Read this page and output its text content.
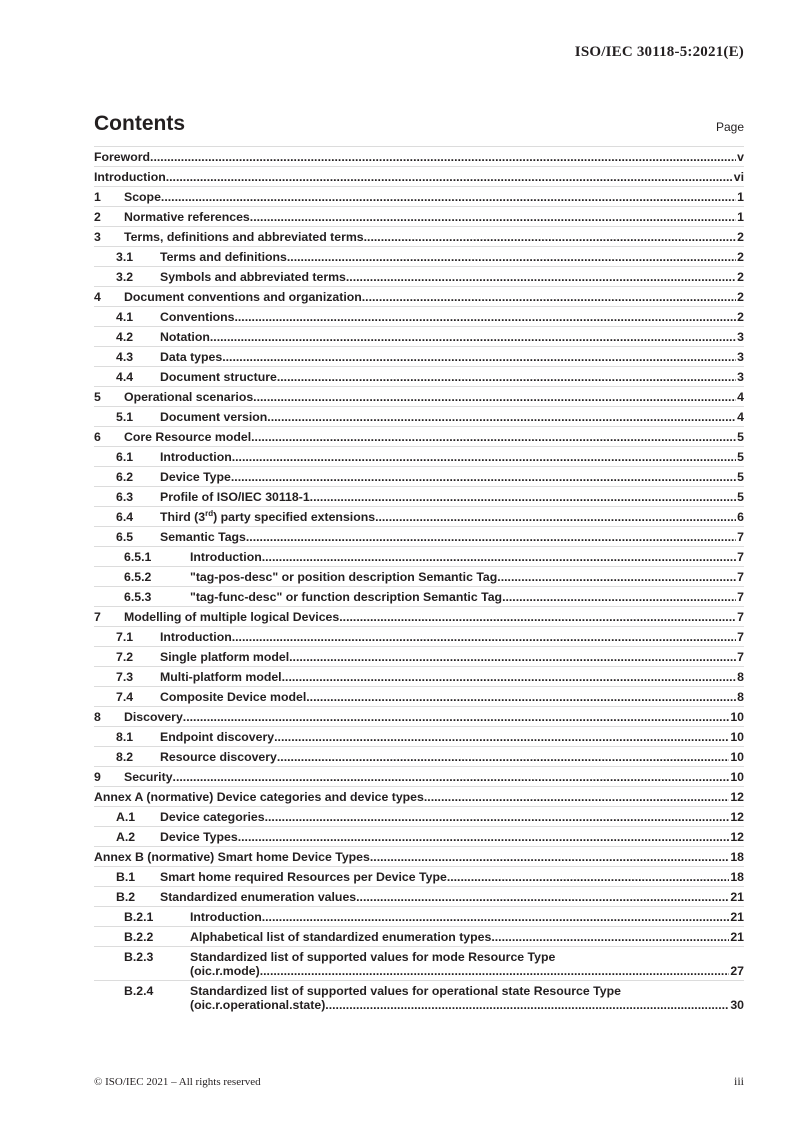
ISO/IEC 30118-5:2021(E)
Contents	Page
Foreword .....	v
Introduction .....	vi
1 Scope .....	1
2 Normative references .....	1
3 Terms, definitions and abbreviated terms .....	2
3.1 Terms and definitions .....	2
3.2 Symbols and abbreviated terms .....	2
4 Document conventions and organization .....	2
4.1 Conventions .....	2
4.2 Notation .....	3
4.3 Data types .....	3
4.4 Document structure .....	3
5 Operational scenarios .....	4
5.1 Document version .....	4
6 Core Resource model .....	5
6.1 Introduction .....	5
6.2 Device Type .....	5
6.3 Profile of ISO/IEC 30118-1 .....	5
6.4 Third (3rd) party specified extensions .....	6
6.5 Semantic Tags .....	7
6.5.1	Introduction .....	7
6.5.2	"tag-pos-desc" or position description Semantic Tag .....	7
6.5.3	"tag-func-desc" or function description Semantic Tag .....	7
7 Modelling of multiple logical Devices .....	7
7.1 Introduction .....	7
7.2 Single platform model .....	7
7.3 Multi-platform model .....	8
7.4 Composite Device model .....	8
8 Discovery .....	10
8.1 Endpoint discovery .....	10
8.2 Resource discovery .....	10
9 Security .....	10
Annex A (normative) Device categories and device types .....	12
A.1 Device categories .....	12
A.2 Device Types .....	12
Annex B (normative) Smart home Device Types .....	18
B.1 Smart home required Resources per Device Type .....	18
B.2 Standardized enumeration values .....	21
B.2.1	Introduction .....	21
B.2.2	Alphabetical list of standardized enumeration types .....	21
B.2.3	Standardized list of supported values for mode Resource Type
(oic.r.mode) .....	27
B.2.4	Standardized list of supported values for operational state Resource Type
(oic.r.operational.state) .....	30
© ISO/IEC 2021 – All rights reserved	iii
